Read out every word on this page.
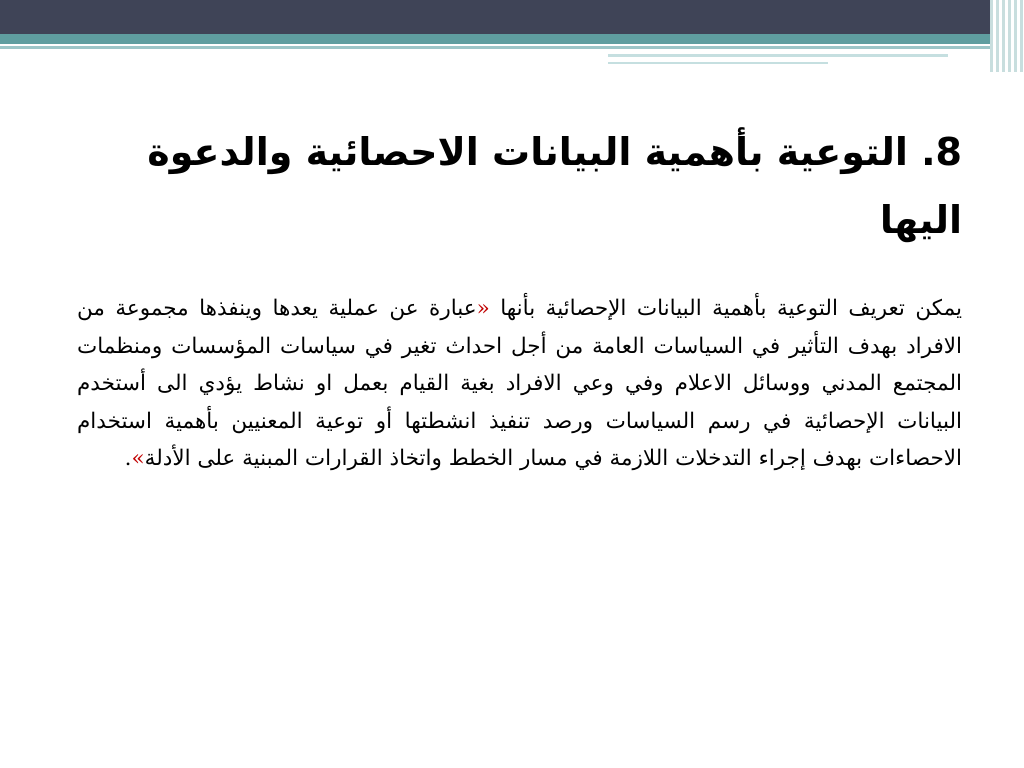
8. التوعية بأهمية البيانات الاحصائية والدعوة اليها

يمكن تعريف التوعية بأهمية البيانات الإحصائية بأنها «عبارة عن عملية يعدها وينفذها مجموعة من الافراد بهدف التأثير في السياسات العامة من أجل احداث تغير في سياسات المؤسسات ومنظمات المجتمع المدني ووسائل الاعلام وفي وعي الافراد بغية القيام بعمل او نشاط يؤدي الى أستخدم البيانات الإحصائية في رسم السياسات ورصد تنفيذ انشطتها أو توعية المعنيين بأهمية استخدام الاحصاءات بهدف إجراء التدخلات اللازمة في مسار الخطط واتخاذ القرارات المبنية على الأدلة».
